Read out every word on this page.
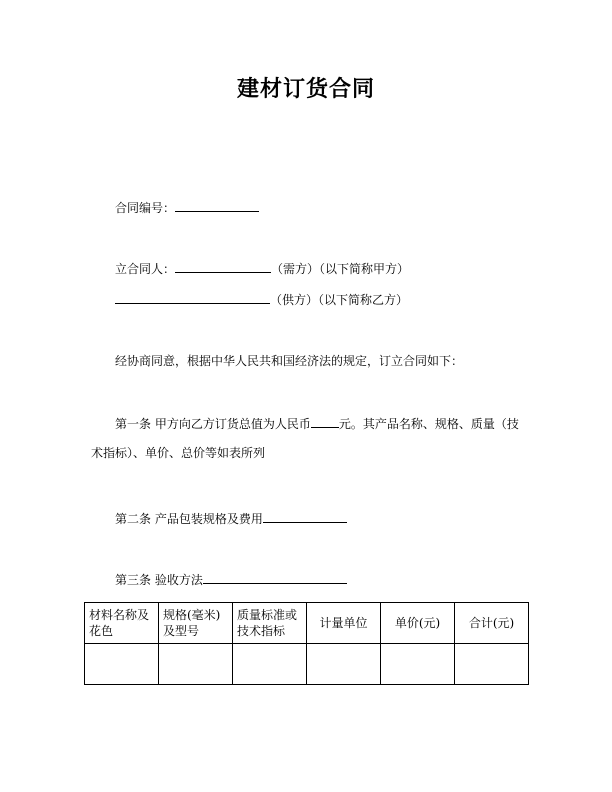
建材订货合同
合同编号：
立合同人：	（需方）（以下简称甲方）
（供方）（以下简称乙方）
经协商同意，根据中华人民共和国经济法的规定，订立合同如下：
第一条 甲方向乙方订货总值为人民币 元。其产品名称、规格、质量（技
术指标）、单价、总价等如表所列
第二条 产品包装规格及费用
第三条 验收方法
材料名称及花色	规格(毫米)及型号	质量标准或技术指标	计量单位	单价(元)	合计(元)
